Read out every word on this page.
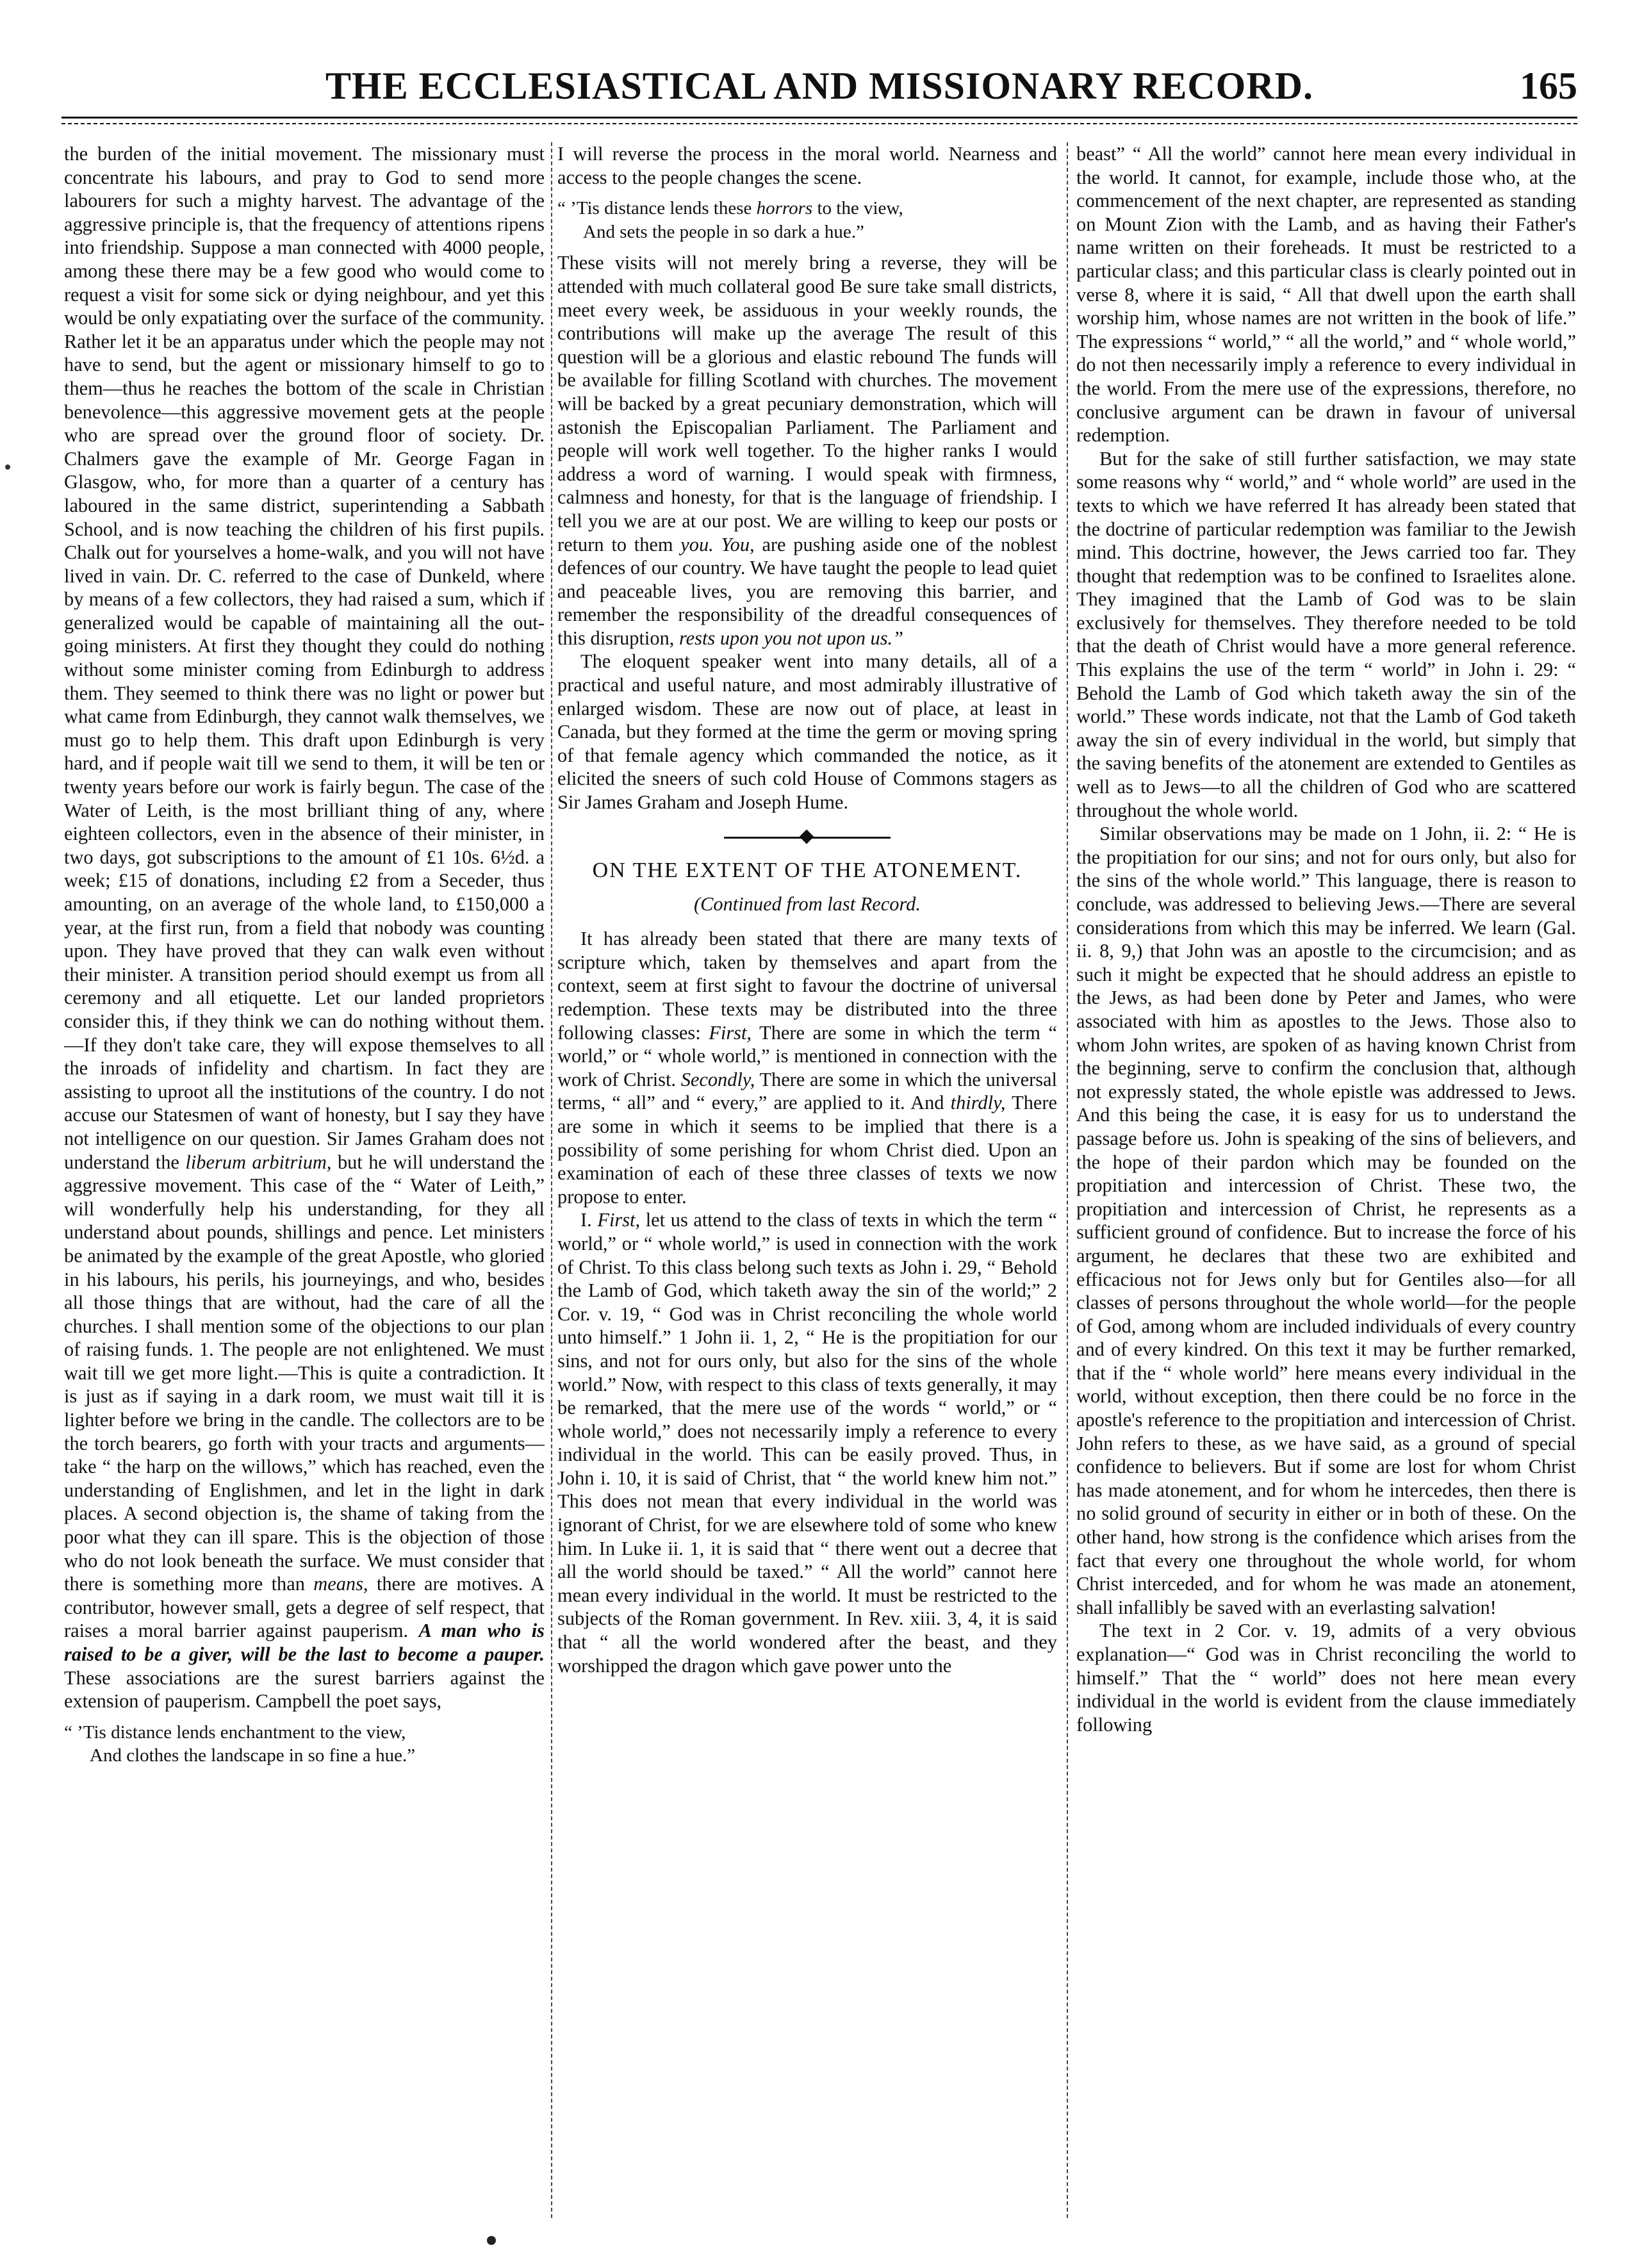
THE ECCLESIASTICAL AND MISSIONARY RECORD.	165

the burden of the initial movement. The missionary must concentrate his labours, and pray to God to send more labourers for such a mighty harvest. The advantage of the aggressive principle is, that the frequency of attentions ripens into friendship. Suppose a man connected with 4000 people, among these there may be a few good who would come to request a visit for some sick or dying neighbour, and yet this would be only expatiating over the surface of the community. Rather let it be an apparatus under which the people may not have to send, but the agent or missionary himself to go to them—thus he reaches the bottom of the scale in Christian benevolence—this aggressive movement gets at the people who are spread over the ground floor of society. Dr. Chalmers gave the example of Mr. George Fagan in Glasgow, who, for more than a quarter of a century has laboured in the same district, superintending a Sabbath School, and is now teaching the children of his first pupils. Chalk out for yourselves a home-walk, and you will not have lived in vain. Dr. C. referred to the case of Dunkeld, where by means of a few collectors, they had raised a sum, which if generalized would be capable of maintaining all the out-going ministers. At first they thought they could do nothing without some minister coming from Edinburgh to address them. They seemed to think there was no light or power but what came from Edinburgh, they cannot walk themselves, we must go to help them. This draft upon Edinburgh is very hard, and if people wait till we send to them, it will be ten or twenty years before our work is fairly begun. The case of the Water of Leith, is the most brilliant thing of any, where eighteen collectors, even in the absence of their minister, in two days, got subscriptions to the amount of £1 10s. 6½d. a week; £15 of donations, including £2 from a Seceder, thus amounting, on an average of the whole land, to £150,000 a year, at the first run, from a field that nobody was counting upon. They have proved that they can walk even without their minister. A transition period should exempt us from all ceremony and all etiquette. Let our landed proprietors consider this, if they think we can do nothing without them.—If they don't take care, they will expose themselves to all the inroads of infidelity and chartism. In fact they are assisting to uproot all the institutions of the country. I do not accuse our Statesmen of want of honesty, but I say they have not intelligence on our question. Sir James Graham does not understand the liberum arbitrium, but he will understand the aggressive movement. This case of the “ Water of Leith,” will wonderfully help his understanding, for they all understand about pounds, shillings and pence. Let ministers be animated by the example of the great Apostle, who gloried in his labours, his perils, his journeyings, and who, besides all those things that are without, had the care of all the churches. I shall mention some of the objections to our plan of raising funds. 1. The people are not enlightened. We must wait till we get more light.—This is quite a contradiction. It is just as if saying in a dark room, we must wait till it is lighter before we bring in the candle. The collectors are to be the torch bearers, go forth with your tracts and arguments—take “ the harp on the willows,” which has reached, even the understanding of Englishmen, and let in the light in dark places. A second objection is, the shame of taking from the poor what they can ill spare. This is the objection of those who do not look beneath the surface. We must consider that there is something more than means, there are motives. A contributor, however small, gets a degree of self respect, that raises a moral barrier against pauperism. A man who is raised to be a giver, will be the last to become a pauper. These associations are the surest barriers against the extension of pauperism. Campbell the poet says,

“ ’Tis distance lends enchantment to the view,
And clothes the landscape in so fine a hue.”

I will reverse the process in the moral world. Nearness and access to the people changes the scene.

“ ’Tis distance lends these horrors to the view,
And sets the people in so dark a hue.”

These visits will not merely bring a reverse, they will be attended with much collateral good Be sure take small districts, meet every week, be assiduous in your weekly rounds, the contributions will make up the average The result of this question will be a glorious and elastic rebound The funds will be available for filling Scotland with churches. The movement will be backed by a great pecuniary demonstration, which will astonish the Episcopalian Parliament. The Parliament and people will work well together. To the higher ranks I would address a word of warning. I would speak with firmness, calmness and honesty, for that is the language of friendship. I tell you we are at our post. We are willing to keep our posts or return to them you. You, are pushing aside one of the noblest defences of our country. We have taught the people to lead quiet and peaceable lives, you are removing this barrier, and remember the responsibility of the dreadful consequences of this disruption, rests upon you not upon us.”

The eloquent speaker went into many details, all of a practical and useful nature, and most admirably illustrative of enlarged wisdom. These are now out of place, at least in Canada, but they formed at the time the germ or moving spring of that female agency which commanded the notice, as it elicited the sneers of such cold House of Commons stagers as Sir James Graham and Joseph Hume.

ON THE EXTENT OF THE ATONEMENT.
(Continued from last Record.

It has already been stated that there are many texts of scripture which, taken by themselves and apart from the context, seem at first sight to favour the doctrine of universal redemption. These texts may be distributed into the three following classes: First, There are some in which the term “ world,” or “ whole world,” is mentioned in connection with the work of Christ. Secondly, There are some in which the universal terms, “ all” and “ every,” are applied to it. And thirdly, There are some in which it seems to be implied that there is a possibility of some perishing for whom Christ died. Upon an examination of each of these three classes of texts we now propose to enter.

I. First, let us attend to the class of texts in which the term “ world,” or “ whole world,” is used in connection with the work of Christ. To this class belong such texts as John i. 29, “ Behold the Lamb of God, which taketh away the sin of the world;” 2 Cor. v. 19, “ God was in Christ reconciling the whole world unto himself.” 1 John ii. 1, 2, “ He is the propitiation for our sins, and not for ours only, but also for the sins of the whole world.” Now, with respect to this class of texts generally, it may be remarked, that the mere use of the words “ world,” or “ whole world,” does not necessarily imply a reference to every individual in the world. This can be easily proved. Thus, in John i. 10, it is said of Christ, that “ the world knew him not.” This does not mean that every individual in the world was ignorant of Christ, for we are elsewhere told of some who knew him. In Luke ii. 1, it is said that “ there went out a decree that all the world should be taxed.” “ All the world” cannot here mean every individual in the world. It must be restricted to the subjects of the Roman government. In Rev. xiii. 3, 4, it is said that “ all the world wondered after the beast, and they worshipped the dragon which gave power unto the

beast” “ All the world” cannot here mean every individual in the world. It cannot, for example, include those who, at the commencement of the next chapter, are represented as standing on Mount Zion with the Lamb, and as having their Father's name written on their foreheads. It must be restricted to a particular class; and this particular class is clearly pointed out in verse 8, where it is said, “ All that dwell upon the earth shall worship him, whose names are not written in the book of life.” The expressions “ world,” “ all the world,” and “ whole world,” do not then necessarily imply a reference to every individual in the world. From the mere use of the expressions, therefore, no conclusive argument can be drawn in favour of universal redemption.

But for the sake of still further satisfaction, we may state some reasons why “ world,” and “ whole world” are used in the texts to which we have referred It has already been stated that the doctrine of particular redemption was familiar to the Jewish mind. This doctrine, however, the Jews carried too far. They thought that redemption was to be confined to Israelites alone. They imagined that the Lamb of God was to be slain exclusively for themselves. They therefore needed to be told that the death of Christ would have a more general reference. This explains the use of the term “ world” in John i. 29: “ Behold the Lamb of God which taketh away the sin of the world.” These words indicate, not that the Lamb of God taketh away the sin of every individual in the world, but simply that the saving benefits of the atonement are extended to Gentiles as well as to Jews—to all the children of God who are scattered throughout the whole world.

Similar observations may be made on 1 John, ii. 2: “ He is the propitiation for our sins; and not for ours only, but also for the sins of the whole world.” This language, there is reason to conclude, was addressed to believing Jews.—There are several considerations from which this may be inferred. We learn (Gal. ii. 8, 9,) that John was an apostle to the circumcision; and as such it might be expected that he should address an epistle to the Jews, as had been done by Peter and James, who were associated with him as apostles to the Jews. Those also to whom John writes, are spoken of as having known Christ from the beginning, serve to confirm the conclusion that, although not expressly stated, the whole epistle was addressed to Jews. And this being the case, it is easy for us to understand the passage before us. John is speaking of the sins of believers, and the hope of their pardon which may be founded on the propitiation and intercession of Christ. These two, the propitiation and intercession of Christ, he represents as a sufficient ground of confidence. But to increase the force of his argument, he declares that these two are exhibited and efficacious not for Jews only but for Gentiles also—for all classes of persons throughout the whole world—for the people of God, among whom are included individuals of every country and of every kindred. On this text it may be further remarked, that if the “ whole world” here means every individual in the world, without exception, then there could be no force in the apostle's reference to the propitiation and intercession of Christ. John refers to these, as we have said, as a ground of special confidence to believers. But if some are lost for whom Christ has made atonement, and for whom he intercedes, then there is no solid ground of security in either or in both of these. On the other hand, how strong is the confidence which arises from the fact that every one throughout the whole world, for whom Christ interceded, and for whom he was made an atonement, shall infallibly be saved with an everlasting salvation!

The text in 2 Cor. v. 19, admits of a very obvious explanation—“ God was in Christ reconciling the world to himself.” That the “ world” does not here mean every individual in the world is evident from the clause immediately following
